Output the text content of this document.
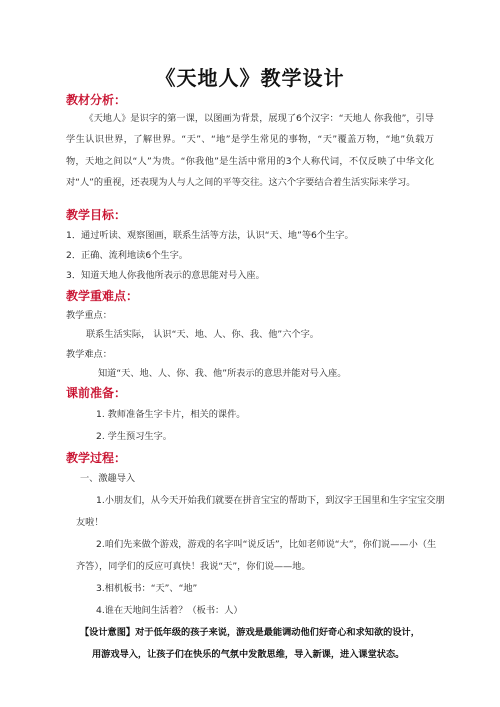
《天地人》教学设计
教材分析：

《天地人》是识字的第一课，以图画为背景，展现了6个汉字：“天地人 你我他”，引导学生认识世界，了解世界。“天”、“地”是学生常见的事物，“天”覆盖万物，“地”负载万物，天地之间以“人”为贵。“你我他”是生活中常用的3个人称代词，不仅反映了中华文化对“人”的重视，还表现为人与人之间的平等交往。这六个字要结合着生活实际来学习。

教学目标：
1．通过听读、观察图画，联系生活等方法，认识“天、地”等6个生字。
2．正确、流利地读6个生字。
3．知道天地人你我他所表示的意思能对号入座。
教学重难点：
教学重点：
联系生活实际， 认识“天、地、人、你、我、他”六个字。
教学难点：
知道“天、地、人、你、我、他”所表示的意思并能对号入座。
课前准备：
1. 教师准备生字卡片，相关的课件。
2. 学生预习生字。
教学过程：
一、激趣导入
1.小朋友们，从今天开始我们就要在拼音宝宝的帮助下，到汉字王国里和生字宝宝交朋
友啦！
2.咱们先来做个游戏，游戏的名字叫“说反话”，比如老师说“大”，你们说——小（生
齐答），同学们的反应可真快！我说“天”，你们说——地。
3.相机板书：“天”、“地”
4.谁在天地间生活着？（板书：人）
【设计意图】对于低年级的孩子来说，游戏是最能调动他们好奇心和求知欲的设计，
用游戏导入，让孩子们在快乐的气氛中发散思维，导入新课，进入课堂状态。
